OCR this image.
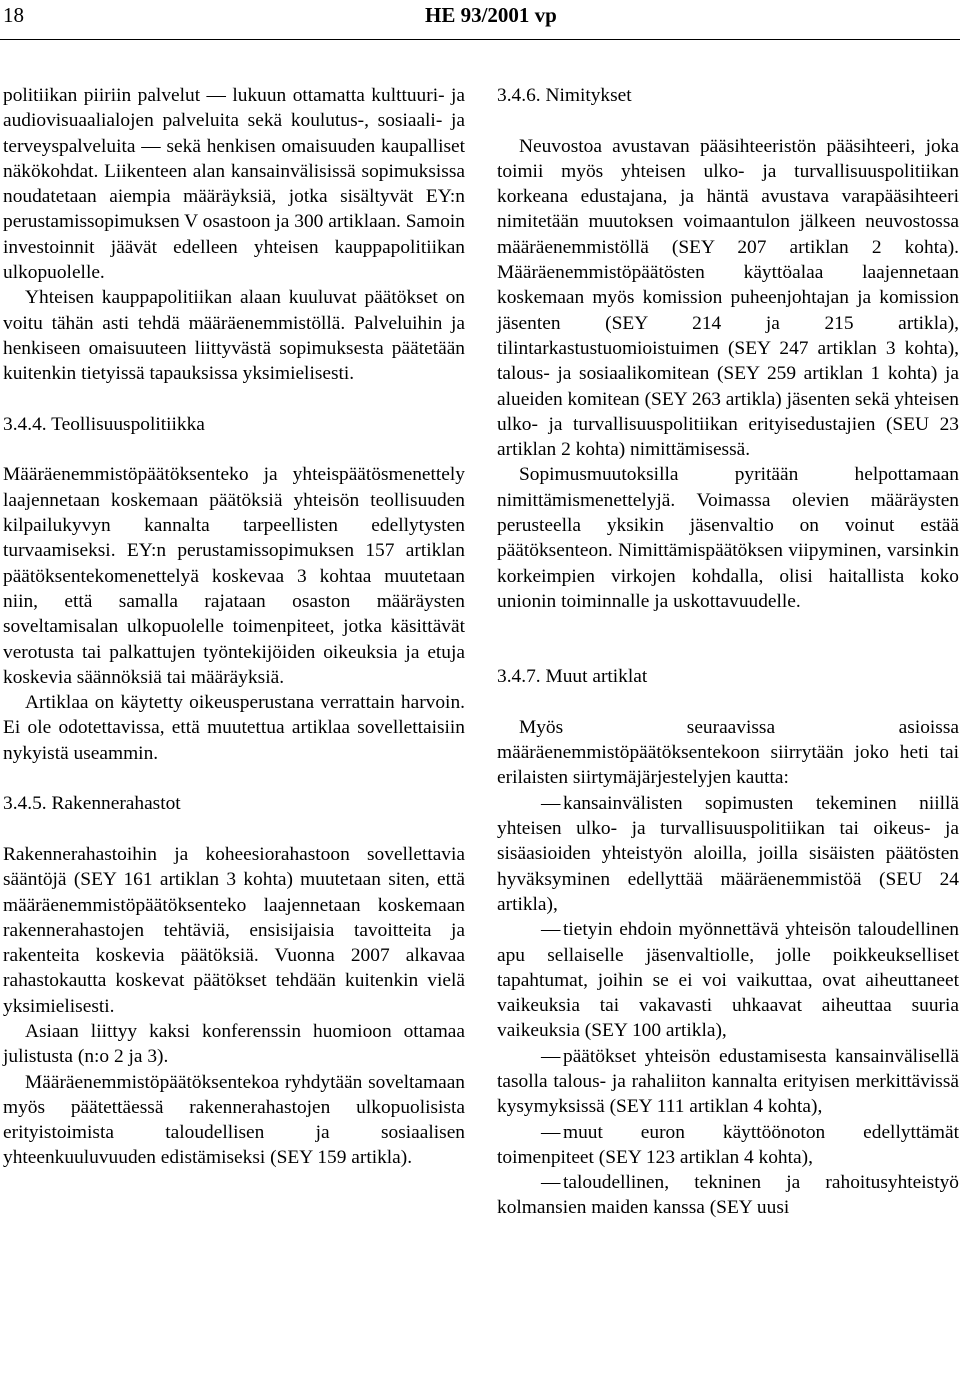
18	HE 93/2001 vp

politiikan piiriin palvelut — lukuun ottamatta kulttuuri- ja audiovisuaalialojen palveluita sekä koulutus-, sosiaali- ja terveyspalveluita — sekä henkisen omaisuuden kaupalliset näkökohdat. Liikenteen alan kansainvälisissä sopimuksissa noudatetaan aiempia määräyksiä, jotka sisältyvät EY:n perustamissopimuksen V osastoon ja 300 artiklaan. Samoin investoinnit jäävät edelleen yhteisen kauppapolitiikan ulkopuolelle.

Yhteisen kauppapolitiikan alaan kuuluvat päätökset on voitu tähän asti tehdä määräenemmistöllä. Palveluihin ja henkiseen omaisuuteen liittyvästä sopimuksesta päätetään kuitenkin tietyissä tapauksissa yksimielisesti.

3.4.4. Teollisuuspolitiikka

Määräenemmistöpäätöksenteko ja yhteispäätösmenettely laajennetaan koskemaan päätöksiä yhteisön teollisuuden kilpailukyvyn kannalta tarpeellisten edellytysten turvaamiseksi. EY:n perustamissopimuksen 157 artiklan päätöksentekomenettelyä koskevaa 3 kohtaa muutetaan niin, että samalla rajataan osaston määräysten soveltamisalan ulkopuolelle toimenpiteet, jotka käsittävät verotusta tai palkattujen työntekijöiden oikeuksia ja etuja koskevia säännöksiä tai määräyksiä.

Artiklaa on käytetty oikeusperustana verrattain harvoin. Ei ole odotettavissa, että muutettua artiklaa sovellettaisiin nykyistä useammin.

3.4.5. Rakennerahastot

Rakennerahastoihin ja koheesiorahastoon sovellettavia sääntöjä (SEY 161 artiklan 3 kohta) muutetaan siten, että määräenemmistöpäätöksenteko laajennetaan koskemaan rakennerahastojen tehtäviä, ensisijaisia tavoitteita ja rakenteita koskevia päätöksiä. Vuonna 2007 alkavaa rahastokautta koskevat päätökset tehdään kuitenkin vielä yksimielisesti.

Asiaan liittyy kaksi konferenssin huomioon ottamaa julistusta (n:o 2 ja 3).

Määräenemmistöpäätöksentekoa ryhdytään soveltamaan myös päätettäessä rakennerahastojen ulkopuolisista erityistoimista taloudellisen ja sosiaalisen yhteenkuuluvuuden edistämiseksi (SEY 159 artikla).

3.4.6. Nimitykset

Neuvostoa avustavan pääsihteeristön pääsihteeri, joka toimii myös yhteisen ulko- ja turvallisuuspolitiikan korkeana edustajana, ja häntä avustava varapääsihteeri nimitetään muutoksen voimaantulon jälkeen neuvostossa määräenemmistöllä (SEY 207 artiklan 2 kohta). Määräenemmistöpäätösten käyttöalaa laajennetaan koskemaan myös komission puheenjohtajan ja komission jäsenten (SEY 214 ja 215 artikla), tilintarkastustuomioistuimen (SEY 247 artiklan 3 kohta), talous- ja sosiaalikomitean (SEY 259 artiklan 1 kohta) ja alueiden komitean (SEY 263 artikla) jäsenten sekä yhteisen ulko- ja turvallisuuspolitiikan erityisedustajien (SEU 23 artiklan 2 kohta) nimittämisessä.

Sopimusmuutoksilla pyritään helpottamaan nimittämismenettelyjä. Voimassa olevien määräysten perusteella yksikin jäsenvaltio on voinut estää päätöksenteon. Nimittämispäätöksen viipyminen, varsinkin korkeimpien virkojen kohdalla, olisi haitallista koko unionin toiminnalle ja uskottavuudelle.

3.4.7. Muut artiklat

Myös seuraavissa asioissa määräenemmistöpäätöksentekoon siirrytään joko heti tai erilaisten siirtymäjärjestelyjen kautta:

— kansainvälisten sopimusten tekeminen niillä yhteisen ulko- ja turvallisuuspolitiikan tai oikeus- ja sisäasioiden yhteistyön aloilla, joilla sisäisten päätösten hyväksyminen edellyttää määräenemmistöä (SEU 24 artikla),

— tietyin ehdoin myönnettävä yhteisön taloudellinen apu sellaiselle jäsenvaltiolle, jolle poikkeukselliset tapahtumat, joihin se ei voi vaikuttaa, ovat aiheuttaneet vaikeuksia tai vakavasti uhkaavat aiheuttaa suuria vaikeuksia (SEY 100 artikla),

— päätökset yhteisön edustamisesta kansainvälisellä tasolla talous- ja rahaliiton kannalta erityisen merkittävissä kysymyksissä (SEY 111 artiklan 4 kohta),

— muut euron käyttöönoton edellyttämät toimenpiteet (SEY 123 artiklan 4 kohta),

— taloudellinen, tekninen ja rahoitusyhteistyö kolmansien maiden kanssa (SEY uusi
